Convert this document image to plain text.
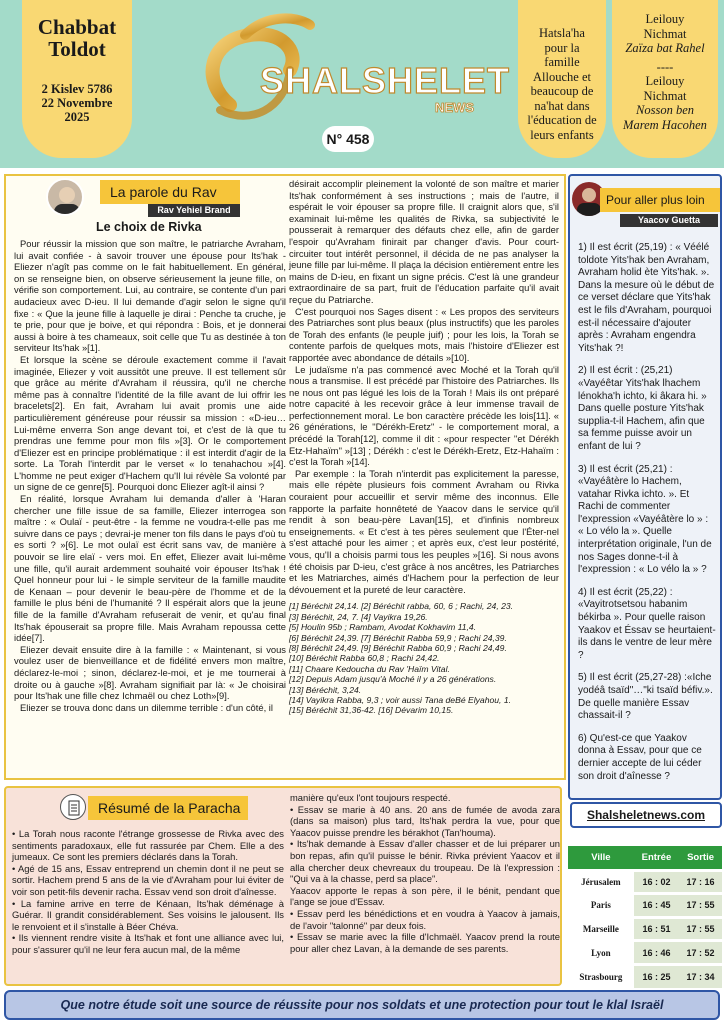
Chabbat
Toldot
2 Kislev 5786
22 Novembre
2025
SHALSHELET
NEWS
N° 458
Hatsla'ha
pour la
famille
Allouche et
beaucoup de
na'hat dans
l'éducation de
leurs enfants
Leilouy
Nichmat
Zaïza bat Rahel
----
Leilouy
Nichmat
Nosson ben
Marem Hacohen
La parole du Rav
Rav Yehiel Brand
Le choix de Rivka

Pour réussir la mission que son maître, le patriarche Avraham, lui avait confiée - à savoir trouver une épouse pour Its'hak - Eliezer n'agît pas comme on le fait habituellement. En général, on se renseigne bien, on observe sérieusement la jeune fille, on vérifie son comportement. Lui, au contraire, se contente d'un pari audacieux avec D-ieu. Il lui demande d'agir selon le signe qu'il fixe : « Que la jeune fille à laquelle je dirai : Penche ta cruche, je te prie, pour que je boive, et qui répondra : Bois, et je donnerai aussi à boire à tes chameaux, soit celle que Tu as destinée à ton serviteur Its'hak »[1].

Et lorsque la scène se déroule exactement comme il l'avait imaginée, Eliezer y voit aussitôt une preuve. Il est tellement sûr que grâce au mérite d'Avraham il réussira, qu'il ne cherche même pas à connaître l'identité de la fille avant de lui offrir les bracelets[2]. En fait, Avraham lui avait promis une aide particulièrement généreuse pour réussir sa mission : «D-ieu… Lui-même enverra Son ange devant toi, et c'est de là que tu prendras une femme pour mon fils »[3]. Or le comportement d'Eliezer est en principe problématique : il est interdit d'agir de la sorte. La Torah l'interdit par le verset « lo tenahachou »[4]. L'homme ne peut exiger d'Hachem qu'Il lui révèle Sa volonté par un signe de ce genre[5]. Pourquoi donc Eliezer agît-il ainsi ?

En réalité, lorsque Avraham lui demanda d'aller à 'Haran chercher une fille issue de sa famille, Eliezer interrogea son maître : « Oulaï - peut-être - la femme ne voudra-t-elle pas me suivre dans ce pays ; devrai-je mener ton fils dans le pays d'où tu es sorti ? »[6]. Le mot oulaï est écrit sans vav, de manière à pouvoir se lire elaï - vers moi. En effet, Eliezer avait lui-même une fille, qu'il aurait ardemment souhaité voir épouser Its'hak ! Quel honneur pour lui - le simple serviteur de la famille maudite de Kenaan – pour devenir le beau-père de l'homme et de la famille le plus béni de l'humanité ? Il espérait alors que la jeune fille de la famille d'Avraham refuserait de venir, et qu'au final Its'hak épouserait sa propre fille. Mais Avraham repoussa cette idée[7].

Eliezer devait ensuite dire à la famille : « Maintenant, si vous voulez user de bienveillance et de fidélité envers mon maître, déclarez-le-moi ; sinon, déclarez-le-moi, et je me tournerai à droite ou à gauche »[8]. Avraham signifiait par là: « Je choisirai pour Its'hak une fille chez Ichmaël ou chez Loth»[9].

Eliezer se trouva donc dans un dilemme terrible : d'un côté, il

désirait accomplir pleinement la volonté de son maître et marier Its'hak conformément à ses instructions ; mais de l'autre, il espérait le voir épouser sa propre fille. Il craignit alors que, s'il examinait lui-même les qualités de Rivka, sa subjectivité le pousserait à remarquer des défauts chez elle, afin de garder l'espoir qu'Avraham finirait par changer d'avis. Pour court-circuiter tout intérêt personnel, il décida de ne pas analyser la jeune fille par lui-même. Il plaça la décision entièrement entre les mains de D-ieu, en fixant un signe précis. C'est là une grandeur extraordinaire de sa part, fruit de l'éducation parfaite qu'il avait reçue du Patriarche.

C'est pourquoi nos Sages disent : « Les propos des serviteurs des Patriarches sont plus beaux (plus instructifs) que les paroles de Torah des enfants (le peuple juif) ; pour les lois, la Torah se contente parfois de quelques mots, mais l'histoire d'Eliezer est rapportée avec abondance de détails »[10].

Le judaïsme n'a pas commencé avec Moché et la Torah qu'il nous a transmise. Il est précédé par l'histoire des Patriarches. Ils ne nous ont pas légué les lois de la Torah ! Mais ils ont préparé notre capacité à les recevoir grâce à leur immense travail de perfectionnement moral. Le bon caractère précède les lois[11]. « 26 générations, le ''Dérékh-Eretz'' - le comportement moral, a précédé la Torah[12], comme il dit : «pour respecter ''et Dérékh Etz-Hahaïm'' »[13] ; Dérékh : c'est le Dérékh-Eretz, Etz-Hahaïm : c'est la Torah »[14].

Par exemple : la Torah n'interdit pas explicitement la paresse, mais elle répète plusieurs fois comment Avraham ou Rivka couraient pour accueillir et servir même des inconnus. Elle rapporte la parfaite honnêteté de Yaacov dans le service qu'il rendit à son beau-père Lavan[15], et d'infinis nombreux enseignements. « Et c'est à tes pères seulement que l'Éter-nel s'est attaché pour les aimer ; et après eux, c'est leur postérité, vous, qu'Il a choisis parmi tous les peuples »[16]. Si nous avons été choisis par D-ieu, c'est grâce à nos ancêtres, les Patriarches et les Matriarches, aimés d'Hachem pour la perfection de leur dévouement et la pureté de leur caractère.

[1] Béréchit 24,14. [2] Béréchit rabba, 60, 6 ; Rachi, 24, 23.
[3] Béréchit, 24, 7. [4] Vayikra 19,26.
[5] Houlin 95b ; Rambam, Avodat Kokhavim 11,4.
[6] Béréchit 24,39. [7] Béréchit Rabba 59,9 ; Rachi 24,39.
[8] Béréchit 24,49. [9] Béréchit Rabba 60,9 ; Rachi 24,49.
[10] Béréchit Rabba 60,8 ; Rachi 24,42.
[11] Chaare Kedoucha du Rav 'Haïm Vital.
[12] Depuis Adam jusqu'à Moché il y a 26 générations.
[13] Béréchit, 3,24.
[14] Vayikra Rabba, 9,3 ; voir aussi Tana deBé Elyahou, 1.
[15] Béréchit 31,36-42. [16] Dévarim 10,15.
Pour aller plus loin
Yaacov Guetta
1) Il est écrit (25,19) : « Véélé toldote Yits'hak ben Avraham, Avraham holid ète Yits'hak. ». Dans la mesure où le début de ce verset déclare que Yits'hak est le fils d'Avraham, pourquoi est-il nécessaire d'ajouter après : Avraham engendra Yits'hak ?!
2) Il est écrit : (25,21) «Vayéêtar Yits'hak lhachem lénokha'h ichto, ki âkara hi. » Dans quelle posture Yits'hak supplia-t-il Hachem, afin que sa femme puisse avoir un enfant de lui ?
3) Il est écrit (25,21) : «Vayéâtère lo Hachem, vatahar Rivka ichto. ». Et Rachi de commenter l'expression «Vayéâtère lo » : « Lo vélo la ». Quelle interprétation originale, l'un de nos Sages donne-t-il à l'expression : « Lo vélo la » ?
4) Il est écrit (25,22) : «Vayitrotsetsou habanim békirba ». Pour quelle raison Yaakov et Éssav se heurtaient-ils dans le ventre de leur mère ?
5) Il est écrit (25,27-28) :«Iche yodéâ tsaïd"…"ki tsaïd béfiv.». De quelle manière Essav chassait-il ?
6) Qu'est-ce que Yaakov donna à Essav, pour que ce dernier accepte de lui céder son droit d'aînesse ?
Résumé de la Paracha
• La Torah nous raconte l'étrange grossesse de Rivka avec des sentiments paradoxaux, elle fut rassurée par Chem. Elle a des jumeaux. Ce sont les premiers déclarés dans la Torah.
• Agé de 15 ans, Essav entreprend un chemin dont il ne peut se sortir. Hachem prend 5 ans de la vie d'Avraham pour lui éviter de voir son petit-fils devenir racha. Essav vend son droit d'aînesse.
• La famine arrive en terre de Kénaan, Its'hak déménage à Guérar. Il grandit considérablement. Ses voisins le jalousent. Ils le renvoient et il s'installe à Béer Chéva.
• Ils viennent rendre visite à Its'hak et font une alliance avec lui, pour s'assurer qu'il ne leur fera aucun mal, de la même
manière qu'eux l'ont toujours respecté.
• Essav se marie à 40 ans. 20 ans de fumée de avoda zara (dans sa maison) plus tard, Its'hak perdra la vue, pour que Yaacov puisse prendre les bérakhot (Tan'houma).
• Its'hak demande à Essav d'aller chasser et de lui préparer un bon repas, afin qu'il puisse le bénir. Rivka prévient Yaacov et il alla chercher deux chevreaux du troupeau. De là l'expression : "Qui va à la chasse, perd sa place".
Yaacov apporte le repas à son père, il le bénit, pendant que l'ange se joue d'Essav.
• Essav perd les bénédictions et en voudra à Yaacov à jamais, de l'avoir "talonné" par deux fois.
• Essav se marie avec la fille d'Ichmaël. Yaacov prend la route pour aller chez Lavan, à la demande de ses parents.
Shalsheletnews.com
Ville	Entrée	Sortie
Jérusalem	16 : 02	17 : 16
Paris	16 : 45	17 : 55
Marseille	16 : 51	17 : 55
Lyon	16 : 46	17 : 52
Strasbourg	16 : 25	17 : 34
Que notre étude soit une source de réussite pour nos soldats et une protection pour tout le klal Israël
